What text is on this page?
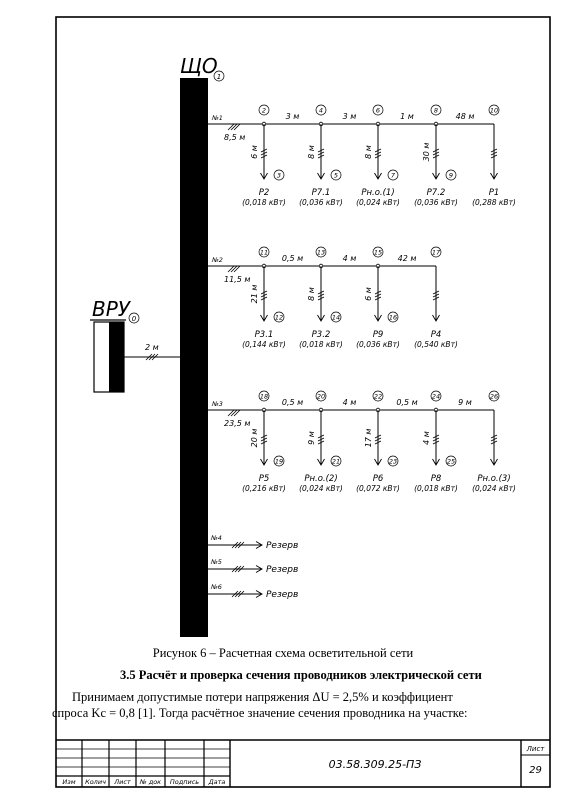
ЩО 1
ВРУ 0
2 м
№1
8,5 м
2	4	6	8	10
3 м	3 м	1 м	48 м
6 м
3
Р2
(0,018 кВт)
8 м
5
Р7.1
(0,036 кВт)
8 м
7
Рн.о.(1)
(0,024 кВт)
30 м
9
Р7.2
(0,036 кВт)
Р1
(0,288 кВт)
№2
11,5 м
11	13	15	17
0,5 м	4 м	42 м
21 м
12
Р3.1
(0,144 кВт)
8 м
14
Р3.2
(0,018 кВт)
6 м
16
Р9
(0,036 кВт)
Р4
(0,540 кВт)
№3
23,5 м
18	20	22	24	26
0,5 м	4 м	0,5 м	9 м
20 м
19
Р5
(0,216 кВт)
9 м
21
Рн.о.(2)
(0,024 кВт)
17 м
23
Р6
(0,072 кВт)
4 м
25
Р8
(0,018 кВт)
Рн.о.(3)
(0,024 кВт)
№4
Резерв
№5
Резерв
№6
Резерв
Изм Колич Лист № док Подпись Дата
03.58.309.25-ПЗ
Лист
29
Рисунок 6 – Расчетная схема осветительной сети
3.5 Расчёт и проверка сечения проводников электрической сети
Принимаем допустимые потери напряжения ΔU = 2,5% и коэффициент
спроса Kс = 0,8 [1]. Тогда расчётное значение сечения проводника на участке:
